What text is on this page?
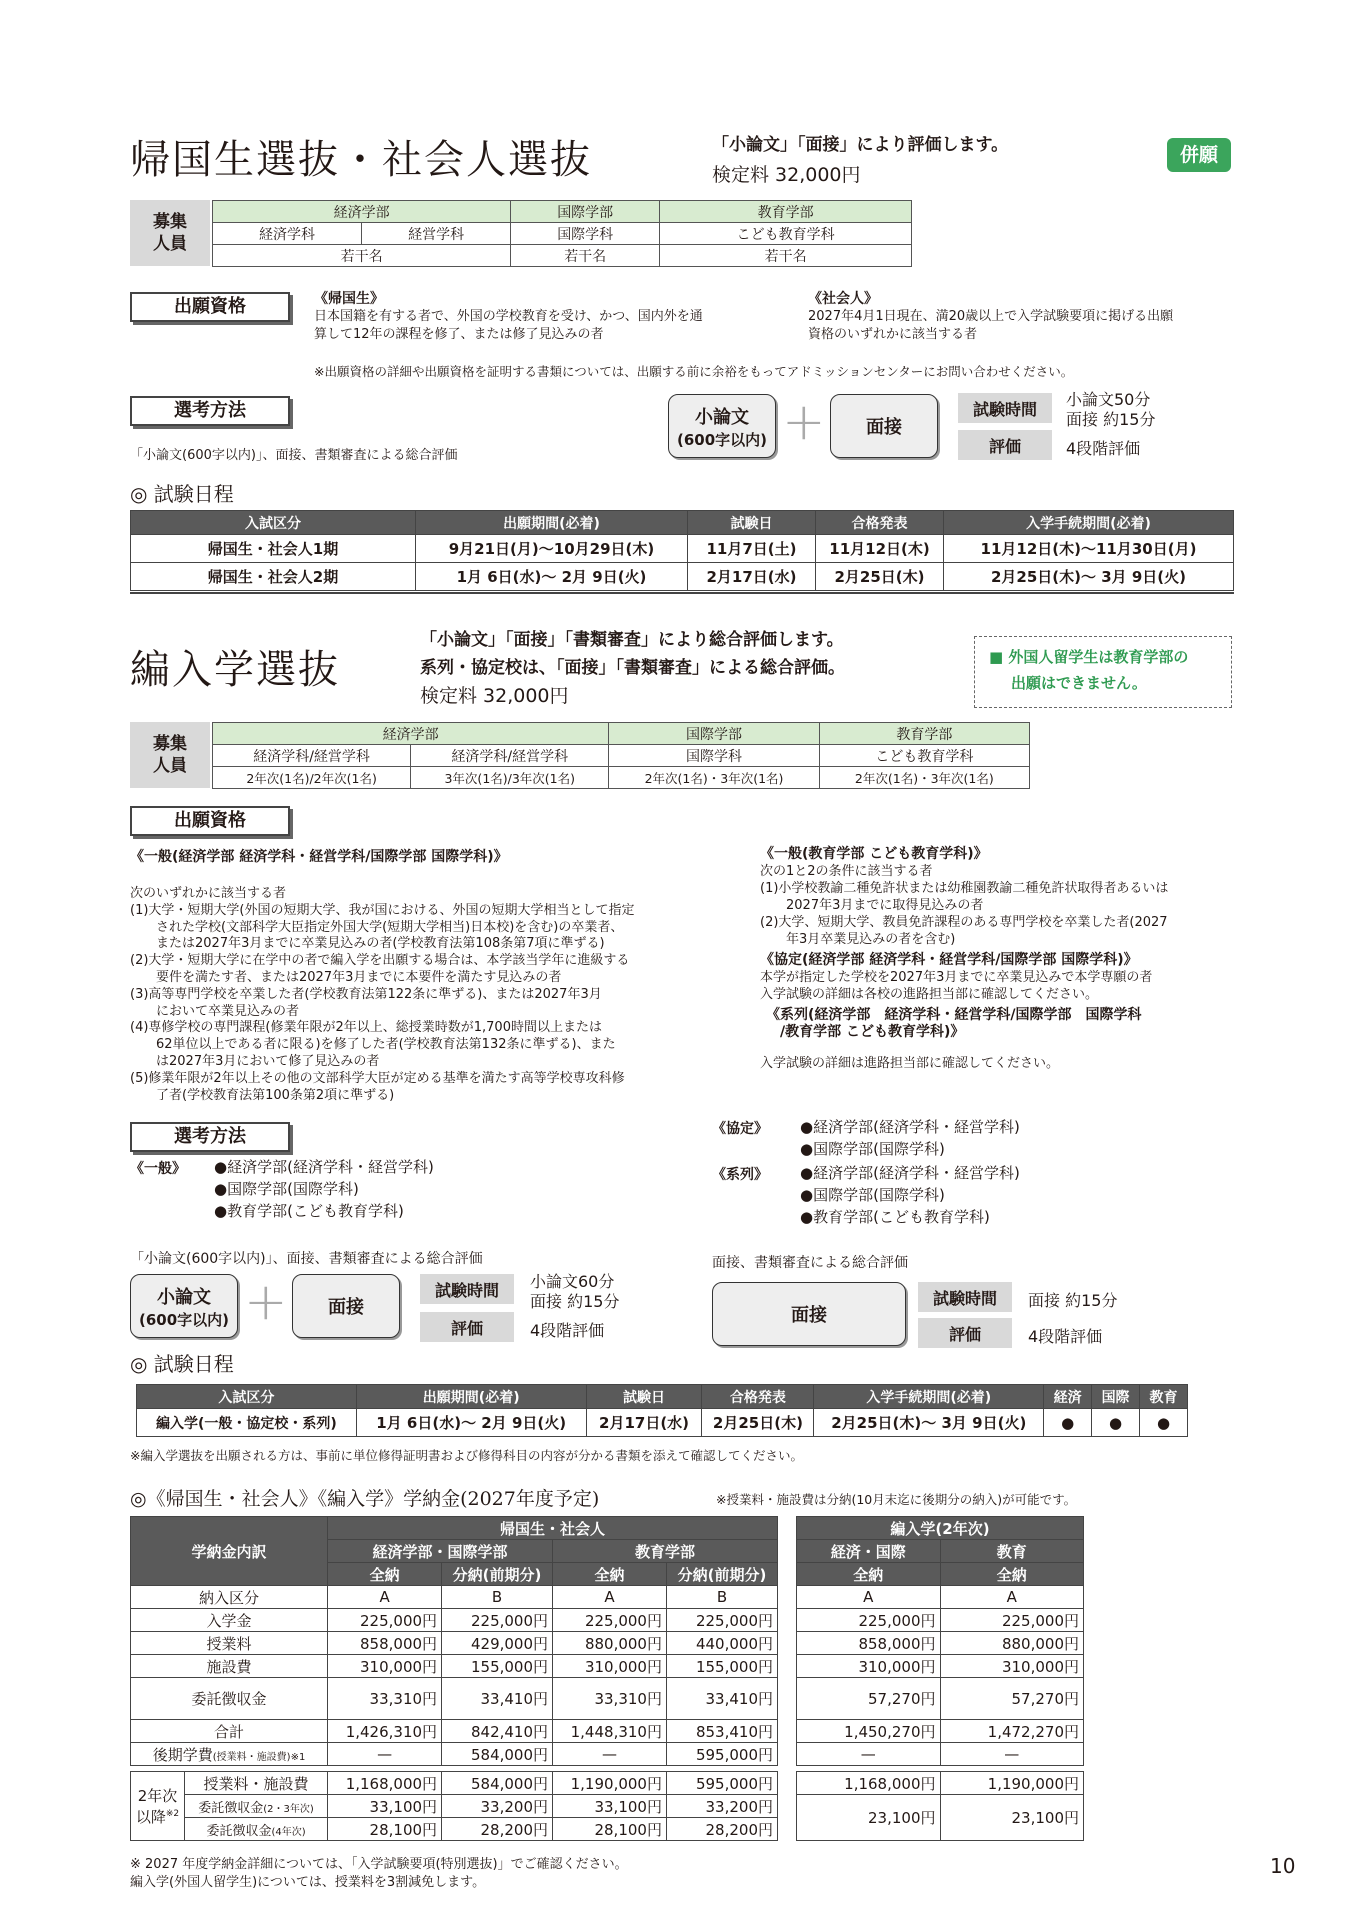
帰国生選抜・社会人選抜	「小論文」「面接」により評価します。
検定料 32,000円
併願
募集人員
経済学部		国際学部	教育学部
経済学科	経営学科	国際学科	こども教育学科
若干名		若干名	若干名
出願資格	《帰国生》
日本国籍を有する者で、外国の学校教育を受け、かつ、国内外を通
算して12年の課程を修了、または修了見込みの者
《社会人》
2027年4月1日現在、満20歳以上で入学試験要項に掲げる出願
資格のいずれかに該当する者
※出願資格の詳細や出願資格を証明する書類については、出願する前に余裕をもってアドミッションセンターにお問い合わせください。
選考方法
「小論文(600字以内)」、面接、書類審査による総合評価
小論文
(600字以内) +	面接
試験時間	小論文50分
面接 約15分
評価	4段階評価
◎ 試験日程
入試区分	出願期間(必着)	試験日	合格発表	入学手続期間(必着)
帰国生・社会人1期	9月21日(月)〜10月29日(木)	11月7日(土)	11月12日(木)	11月12日(木)〜11月30日(月)
帰国生・社会人2期	1月 6日(水)〜 2月 9日(火)	2月17日(水)	2月25日(木)	2月25日(木)〜 3月 9日(火)
編入学選抜
「小論文」「面接」「書類審査」により総合評価します。
系列・協定校は、「面接」「書類審査」による総合評価。
検定料 32,000円
■ 外国人留学生は教育学部の
出願はできません。
募集人員
経済学部		国際学部	教育学部
経済学科/経営学科	経済学科/経営学科	国際学科	こども教育学科
2年次(1名)/2年次(1名)	3年次(1名)/3年次(1名)	2年次(1名)・3年次(1名)	2年次(1名)・3年次(1名)
出願資格
《一般(経済学部 経済学科・経営学科/国際学部 国際学科)》
次のいずれかに該当する者
(1)大学・短期大学(外国の短期大学、我が国における、外国の短期大学相当として指定
　　された学校(文部科学大臣指定外国大学(短期大学相当)日本校)を含む)の卒業者、
　　または2027年3月までに卒業見込みの者(学校教育法第108条第7項に準ずる)
(2)大学・短期大学に在学中の者で編入学を出願する場合は、本学該当学年に進級する
　　要件を満たす者、または2027年3月までに本要件を満たす見込みの者
(3)高等専門学校を卒業した者(学校教育法第122条に準ずる)、または2027年3月
　　において卒業見込みの者
(4)専修学校の専門課程(修業年限が2年以上、総授業時数が1,700時間以上または
　　62単位以上である者に限る)を修了した者(学校教育法第132条に準ずる)、また
　　は2027年3月において修了見込みの者
(5)修業年限が2年以上その他の文部科学大臣が定める基準を満たす高等学校専攻科修
　　了者(学校教育法第100条第2項に準ずる)
《一般(教育学部 こども教育学科)》
次の1と2の条件に該当する者
(1)小学校教諭二種免許状または幼稚園教諭二種免許状取得者あるいは
　　2027年3月までに取得見込みの者
(2)大学、短期大学、教員免許課程のある専門学校を卒業した者(2027
　　年3月卒業見込みの者を含む)
《協定(経済学部 経済学科・経営学科/国際学部 国際学科)》
本学が指定した学校を2027年3月までに卒業見込みで本学専願の者
入学試験の詳細は各校の進路担当部に確認してください。
《系列(経済学部　経済学科・経営学科/国際学部　国際学科
　/教育学部 こども教育学科)》
入学試験の詳細は進路担当部に確認してください。
選考方法
《一般》 ●経済学部(経済学科・経営学科)
●国際学部(国際学科)
●教育学部(こども教育学科)
《協定》 ●経済学部(経済学科・経営学科)
●国際学部(国際学科)
《系列》 ●経済学部(経済学科・経営学科)
●国際学部(国際学科)
●教育学部(こども教育学科)
「小論文(600字以内)」、面接、書類審査による総合評価
小論文
(600字以内) +	面接
試験時間	小論文60分
面接 約15分
評価	4段階評価
面接、書類審査による総合評価
面接
試験時間	面接 約15分
評価	4段階評価
◎ 試験日程
入試区分	出願期間(必着)	試験日	合格発表	入学手続期間(必着)	経済	国際	教育
編入学(一般・協定校・系列)	1月 6日(水)〜 2月 9日(火)	2月17日(水)	2月25日(木)	2月25日(木)〜 3月 9日(火)	●	●	●
※編入学選抜を出願される方は、事前に単位修得証明書および修得科目の内容が分かる書類を添えて確認してください。
◎《帰国生・社会人》《編入学》学納金(2027年度予定)	※授業料・施設費は分納(10月末迄に後期分の納入)が可能です。
学納金内訳		帰国生・社会人			
		経済学部・国際学部		教育学部	
		全納	分納(前期分)	全納	分納(前期分)
納入区分		A	B	A	B
入学金		225,000円	225,000円	225,000円	225,000円
授業料		858,000円	429,000円	880,000円	440,000円
施設費		310,000円	155,000円	310,000円	155,000円
委託徴収金		33,310円	33,410円	33,310円	33,410円
合計		1,426,310円	842,410円	1,448,310円	853,410円
後期学費(授業料・施設費)※1		—	584,000円	—	595,000円

2年次以降$^{※2}$	授業料・施設費	1,168,000円	584,000円	1,190,000円	595,000円
	委託徴収金(2・3年次)	33,100円	33,200円	33,100円	33,200円
	委託徴収金(4年次)	28,100円	28,200円	28,100円	28,200円
編入学(2年次)	
経済・国際	教育
全納	全納
A	A
225,000円	225,000円
858,000円	880,000円
310,000円	310,000円
57,270円	57,270円
1,450,270円	1,472,270円
—	—

1,168,000円	1,190,000円
23,100円	23,100円

※ 2027 年度学納金詳細については、「入学試験要項(特別選抜)」でご確認ください。
編入学(外国人留学生)については、授業料を3割減免します。
10
